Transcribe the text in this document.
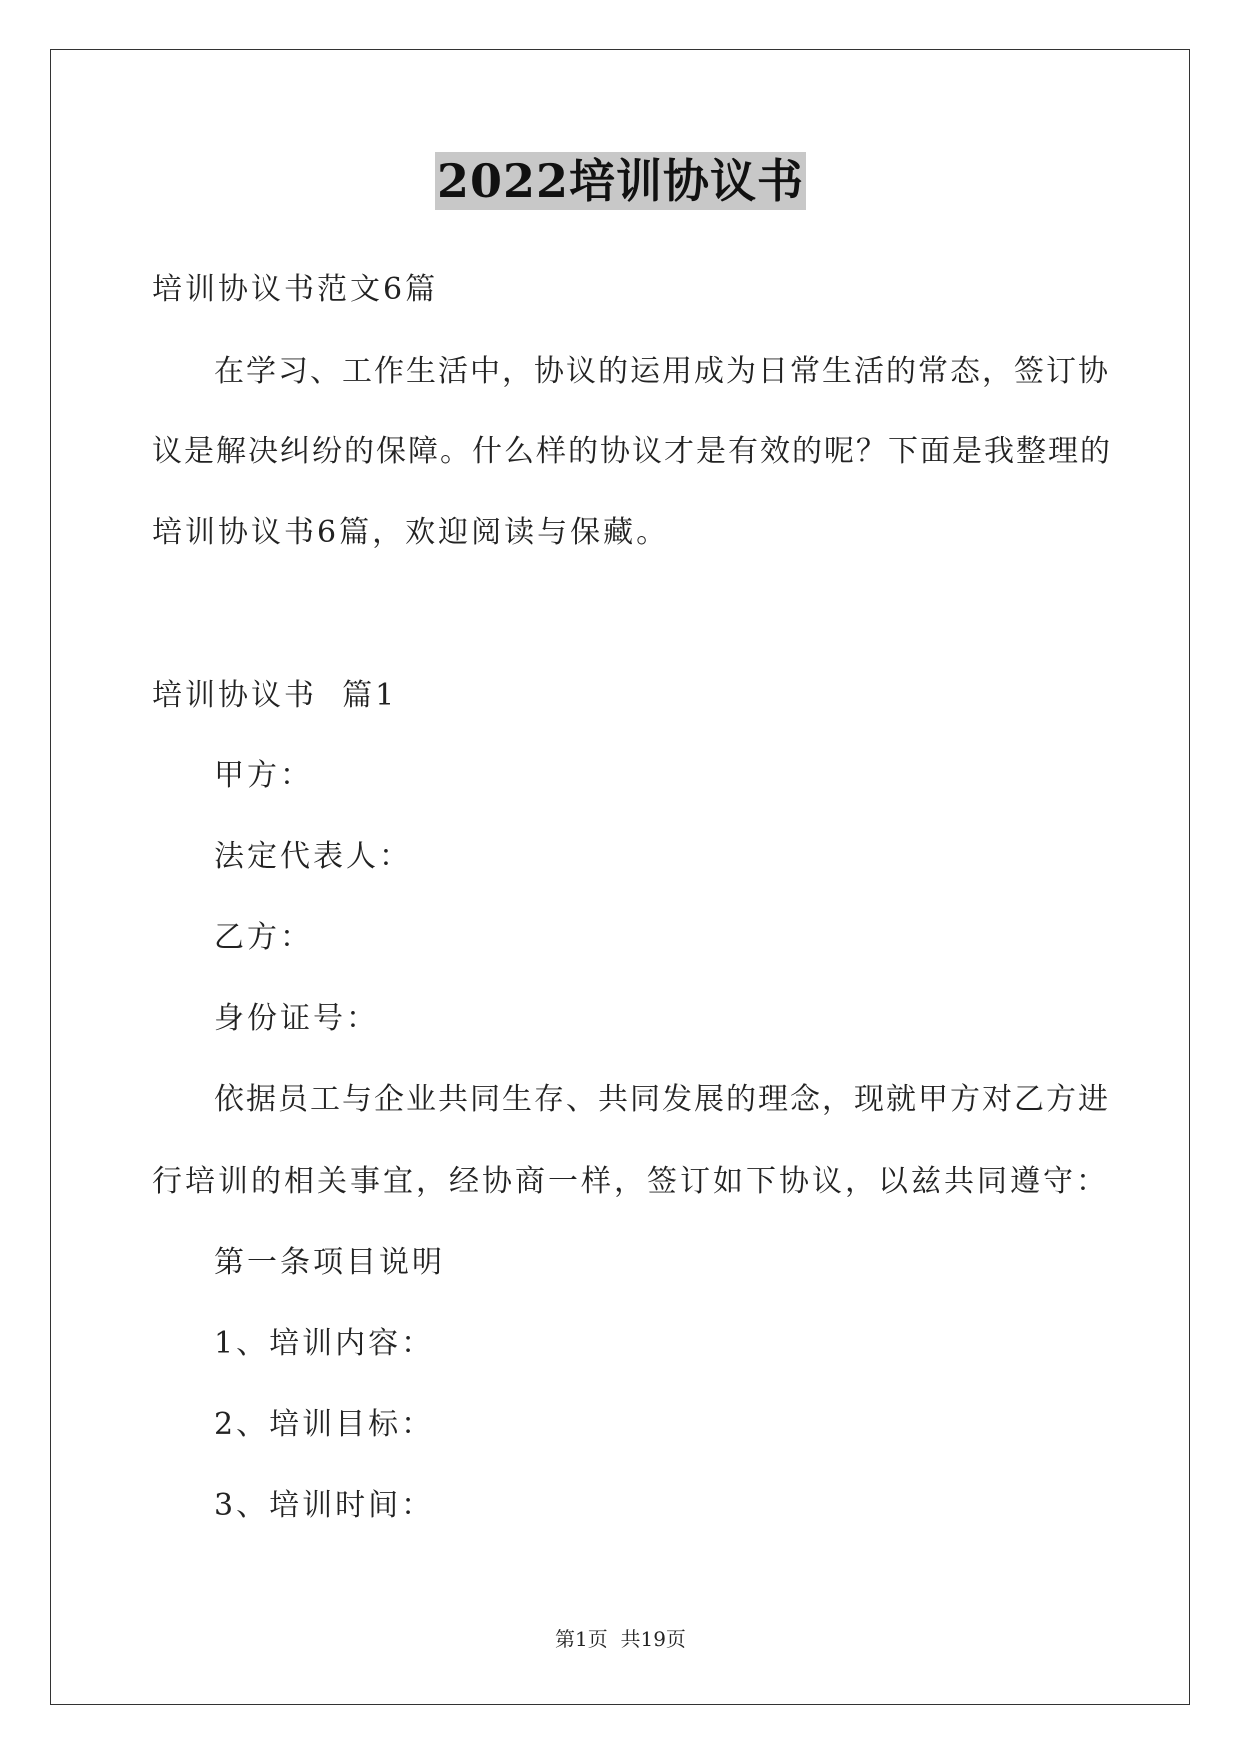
2022培训协议书
培训协议书范文6篇
在学习、工作生活中，协议的运用成为日常生活的常态，签订协
议是解决纠纷的保障。什么样的协议才是有效的呢？下面是我整理的
培训协议书6篇，欢迎阅读与保藏。
培训协议书  篇1
甲方：
法定代表人：
乙方：
身份证号：
依据员工与企业共同生存、共同发展的理念，现就甲方对乙方进
行培训的相关事宜，经协商一样，签订如下协议，以兹共同遵守：
第一条项目说明
1、培训内容：
2、培训目标：
3、培训时间：
第1页  共19页
